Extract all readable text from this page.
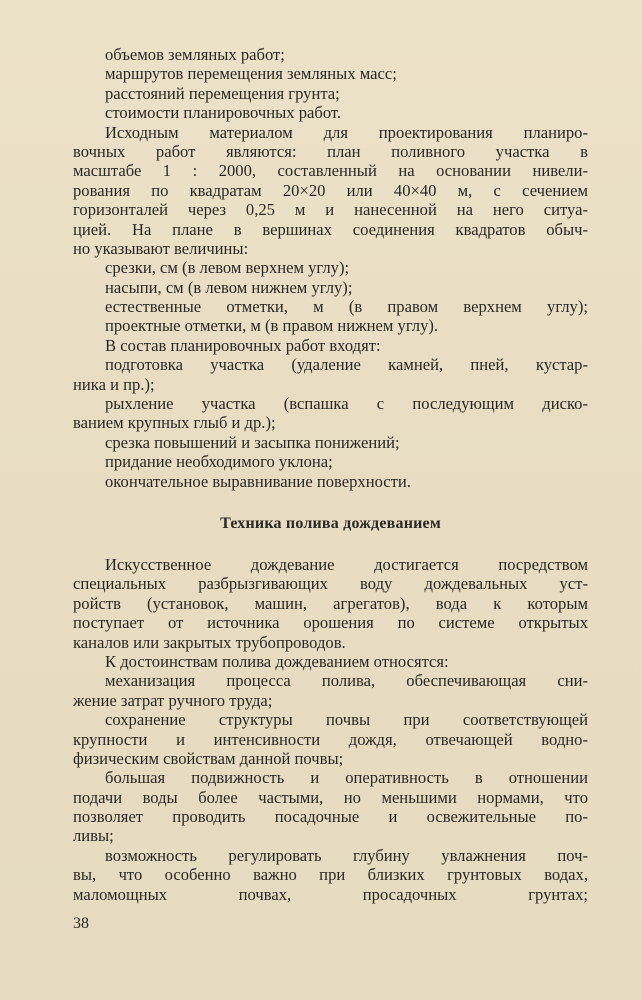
объемов земляных работ;
маршрутов перемещения земляных масс;
расстояний перемещения грунта;
стоимости планировочных работ.
Исходным материалом для проектирования планиро-
вочных работ являются: план поливного участка в
масштабе 1 : 2000, составленный на основании нивели-
рования по квадратам 20×20 или 40×40 м, с сечением
горизонталей через 0,25 м и нанесенной на него ситуа-
цией. На плане в вершинах соединения квадратов обыч-
но указывают величины:
срезки, см (в левом верхнем углу);
насыпи, см (в левом нижнем углу);
естественные отметки, м (в правом верхнем углу);
проектные отметки, м (в правом нижнем углу).
В состав планировочных работ входят:
подготовка участка (удаление камней, пней, кустар-
ника и пр.);
рыхление участка (вспашка с последующим диско-
ванием крупных глыб и др.);
срезка повышений и засыпка понижений;
придание необходимого уклона;
окончательное выравнивание поверхности.
Техника полива дождеванием
Искусственное дождевание достигается посредством
специальных разбрызгивающих воду дождевальных уст-
ройств (установок, машин, агрегатов), вода к которым
поступает от источника орошения по системе открытых
каналов или закрытых трубопроводов.
К достоинствам полива дождеванием относятся:
механизация процесса полива, обеспечивающая сни-
жение затрат ручного труда;
сохранение структуры почвы при соответствующей
крупности и интенсивности дождя, отвечающей водно-
физическим свойствам данной почвы;
большая подвижность и оперативность в отношении
подачи воды более частыми, но меньшими нормами, что
позволяет проводить посадочные и освежительные по-
ливы;
возможность регулировать глубину увлажнения поч-
вы, что особенно важно при близких грунтовых водах,
маломощных почвах, просадочных грунтах;
38
